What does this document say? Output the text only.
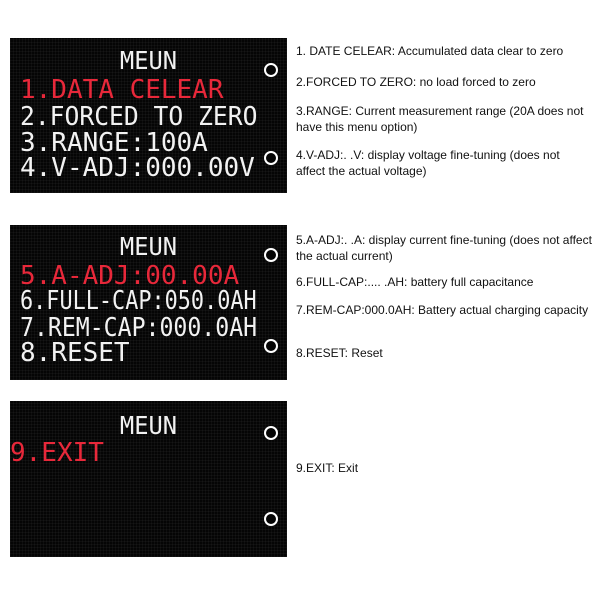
MEUN
1.DATA CELEAR
2.FORCED TO ZERO
3.RANGE:100A
4.V-ADJ:000.00V
MEUN
5.A-ADJ:00.00A
6.FULL-CAP:050.0AH
7.REM-CAP:000.0AH
8.RESET
MEUN
9.EXIT

1. DATE CELEAR: Accumulated data clear to zero

2.FORCED TO ZERO: no load forced to zero

3.RANGE: Current measurement range (20A does not have this menu option)

4.V-ADJ:. .V: display voltage fine-tuning (does not affect the actual voltage)

5.A-ADJ:. .A: display current fine-tuning (does not affect the actual current)

6.FULL-CAP:.... .AH: battery full capacitance

7.REM-CAP:000.0AH: Battery actual charging capacity

8.RESET: Reset

9.EXIT: Exit
